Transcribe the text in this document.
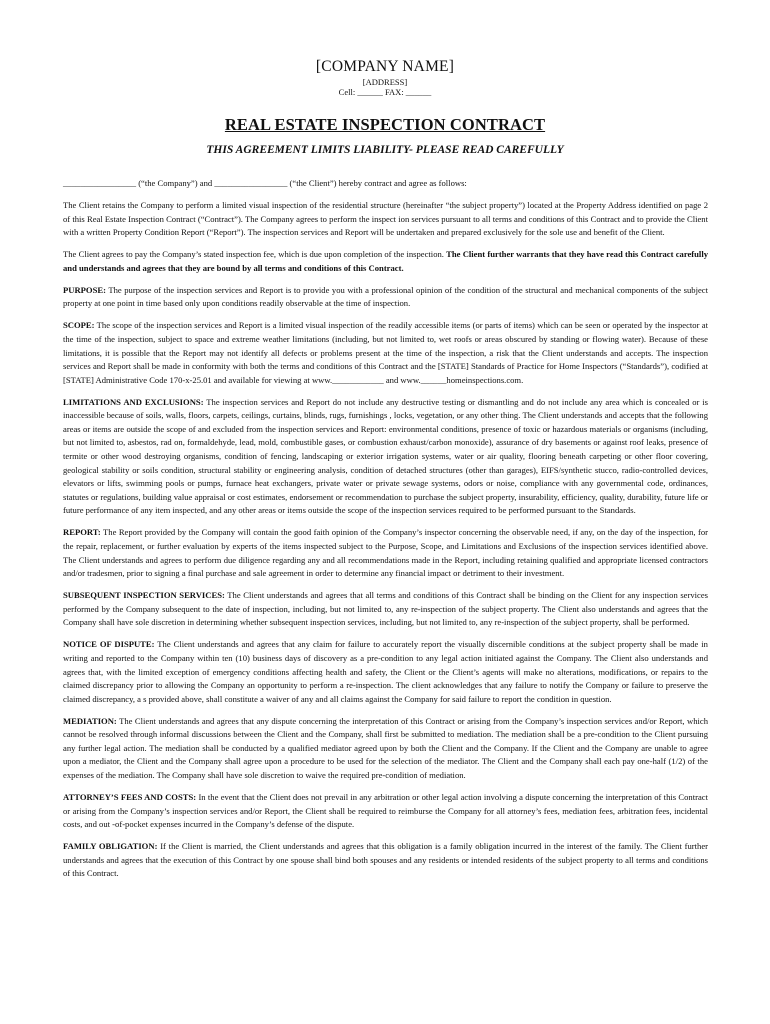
[COMPANY NAME]
[ADDRESS]
Cell: ______ FAX: ______
REAL ESTATE INSPECTION CONTRACT
THIS AGREEMENT LIMITS LIABILITY- PLEASE READ CAREFULLY

_________________ (“the Company”) and _________________ (“the Client”) hereby contract and agree as follows:

The Client retains the Company to perform a limited visual inspection of the residential structure (hereinafter “the subject property”) located at the Property Address identified on page 2 of this Real Estate Inspection Contract (“Contract”). The Company agrees to perform the inspect ion services pursuant to all terms and conditions of this Contract and to provide the Client with a written Property Condition Report (“Report”). The inspection services and Report will be undertaken and prepared exclusively for the sole use and benefit of the Client.

The Client agrees to pay the Company’s stated inspection fee, which is due upon completion of the inspection. The Client further warrants that they have read this Contract carefully and understands and agrees that they are bound by all terms and conditions of this Contract.

PURPOSE: The purpose of the inspection services and Report is to provide you with a professional opinion of the condition of the structural and mechanical components of the subject property at one point in time based only upon conditions readily observable at the time of inspection.

SCOPE: The scope of the inspection services and Report is a limited visual inspection of the readily accessible items (or parts of items) which can be seen or operated by the inspector at the time of the inspection, subject to space and extreme weather limitations (including, but not limited to, wet roofs or areas obscured by standing or flowing water). Because of these limitations, it is possible that the Report may not identify all defects or problems present at the time of the inspection, a risk that the Client understands and accepts. The inspection services and Report shall be made in conformity with both the terms and conditions of this Contract and the [STATE] Standards of Practice for Home Inspectors (“Standards”), codified at [STATE] Administrative Code 170-x-25.01 and available for viewing at www.____________ and www.______homeinspections.com.

LIMITATIONS AND EXCLUSIONS: The inspection services and Report do not include any destructive testing or dismantling and do not include any area which is concealed or is inaccessible because of soils, walls, floors, carpets, ceilings, curtains, blinds, rugs, furnishings , locks, vegetation, or any other thing. The Client understands and accepts that the following areas or items are outside the scope of and excluded from the inspection services and Report: environmental conditions, presence of toxic or hazardous materials or organisms (including, but not limited to, asbestos, rad on, formaldehyde, lead, mold, combustible gases, or combustion exhaust/carbon monoxide), assurance of dry basements or against roof leaks, presence of termite or other wood destroying organisms, condition of fencing, landscaping or exterior irrigation systems, water or air quality, flooring beneath carpeting or other floor covering, geological stability or soils condition, structural stability or engineering analysis, condition of detached structures (other than garages), EIFS/synthetic stucco, radio-controlled devices, elevators or lifts, swimming pools or pumps, furnace heat exchangers, private water or private sewage systems, odors or noise, compliance with any governmental code, ordinances, statutes or regulations, building value appraisal or cost estimates, endorsement or recommendation to purchase the subject property, insurability, efficiency, quality, durability, future life or future performance of any item inspected, and any other areas or items outside the scope of the inspection services required to be performed pursuant to the Standards.

REPORT: The Report provided by the Company will contain the good faith opinion of the Company’s inspector concerning the observable need, if any, on the day of the inspection, for the repair, replacement, or further evaluation by experts of the items inspected subject to the Purpose, Scope, and Limitations and Exclusions of the inspection services identified above. The Client understands and agrees to perform due diligence regarding any and all recommendations made in the Report, including retaining qualified and appropriate licensed contractors and/or tradesmen, prior to signing a final purchase and sale agreement in order to determine any financial impact or detriment to their investment.

SUBSEQUENT INSPECTION SERVICES: The Client understands and agrees that all terms and conditions of this Contract shall be binding on the Client for any inspection services performed by the Company subsequent to the date of inspection, including, but not limited to, any re-inspection of the subject property. The Client also understands and agrees that the Company shall have sole discretion in determining whether subsequent inspection services, including, but not limited to, any re-inspection of the subject property, shall be performed.

NOTICE OF DISPUTE: The Client understands and agrees that any claim for failure to accurately report the visually discernible conditions at the subject property shall be made in writing and reported to the Company within ten (10) business days of discovery as a pre-condition to any legal action initiated against the Company. The Client also understands and agrees that, with the limited exception of emergency conditions affecting health and safety, the Client or the Client’s agents will make no alterations, modifications, or repairs to the claimed discrepancy prior to allowing the Company an opportunity to perform a re-inspection. The client acknowledges that any failure to notify the Company or failure to preserve the claimed discrepancy, a s provided above, shall constitute a waiver of any and all claims against the Company for said failure to report the condition in question.

MEDIATION: The Client understands and agrees that any dispute concerning the interpretation of this Contract or arising from the Company’s inspection services and/or Report, which cannot be resolved through informal discussions between the Client and the Company, shall first be submitted to mediation. The mediation shall be a pre-condition to the Client pursuing any further legal action. The mediation shall be conducted by a qualified mediator agreed upon by both the Client and the Company. If the Client and the Company are unable to agree upon a mediator, the Client and the Company shall agree upon a procedure to be used for the selection of the mediator. The Client and the Company shall each pay one-half (1/2) of the expenses of the mediation. The Company shall have sole discretion to waive the required pre-condition of mediation.

ATTORNEY’S FEES AND COSTS: In the event that the Client does not prevail in any arbitration or other legal action involving a dispute concerning the interpretation of this Contract or arising from the Company’s inspection services and/or Report, the Client shall be required to reimburse the Company for all attorney’s fees, mediation fees, arbitration fees, incidental costs, and out -of-pocket expenses incurred in the Company’s defense of the dispute.

FAMILY OBLIGATION: If the Client is married, the Client understands and agrees that this obligation is a family obligation incurred in the interest of the family. The Client further understands and agrees that the execution of this Contract by one spouse shall bind both spouses and any residents or intended residents of the subject property to all terms and conditions of this Contract.
